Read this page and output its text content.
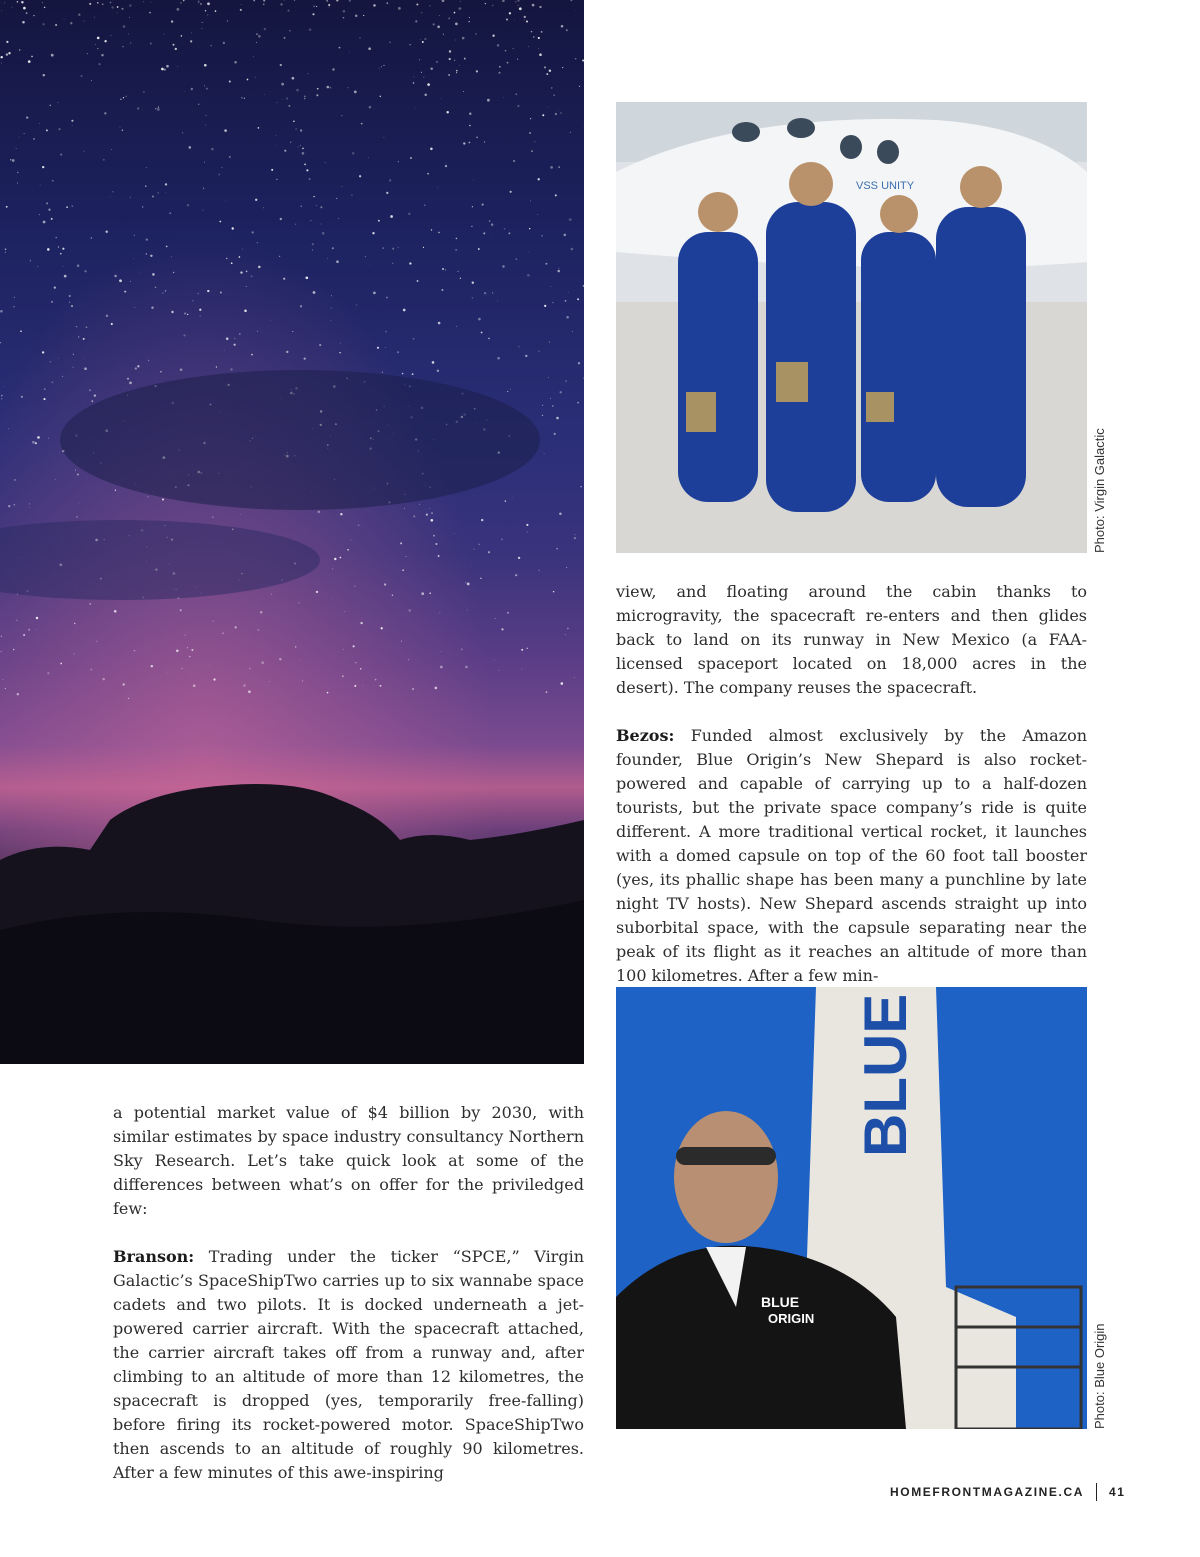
VSS UNITY
Photo: Virgin Galactic

view, and floating around the cabin thanks to microgravity, the spacecraft re-enters and then glides back to land on its runway in New Mexico (a FAA-licensed spaceport located on 18,000 acres in the desert). The company reuses the spacecraft.

Bezos: Funded almost exclusively by the Amazon founder, Blue Origin’s New Shepard is also rocket-powered and capable of carrying up to a half-dozen tourists, but the private space company’s ride is quite different. A more traditional vertical rocket, it launches with a domed capsule on top of the 60 foot tall booster (yes, its phallic shape has been many a punchline by late night TV hosts). New Shepard ascends straight up into suborbital space, with the capsule separating near the peak of its flight as it reaches an altitude of more than 100 kilometres. After a few min-

BLUE
BLUE
ORIGIN
Photo: Blue Origin

a potential market value of $4 billion by 2030, with similar estimates by space industry consultancy Northern Sky Research. Let’s take quick look at some of the differences between what’s on offer for the priviledged few:

Branson: Trading under the ticker “SPCE,” Virgin Galactic’s SpaceShipTwo carries up to six wannabe space cadets and two pilots. It is docked underneath a jet-powered carrier aircraft. With the spacecraft attached, the carrier aircraft takes off from a runway and, after climbing to an altitude of more than 12 kilometres, the spacecraft is dropped (yes, temporarily free-falling) before firing its rocket-powered motor. SpaceShipTwo then ascends to an altitude of roughly 90 kilometres. After a few minutes of this awe-inspiring

HOMEFRONTMAGAZINE.CA 41
